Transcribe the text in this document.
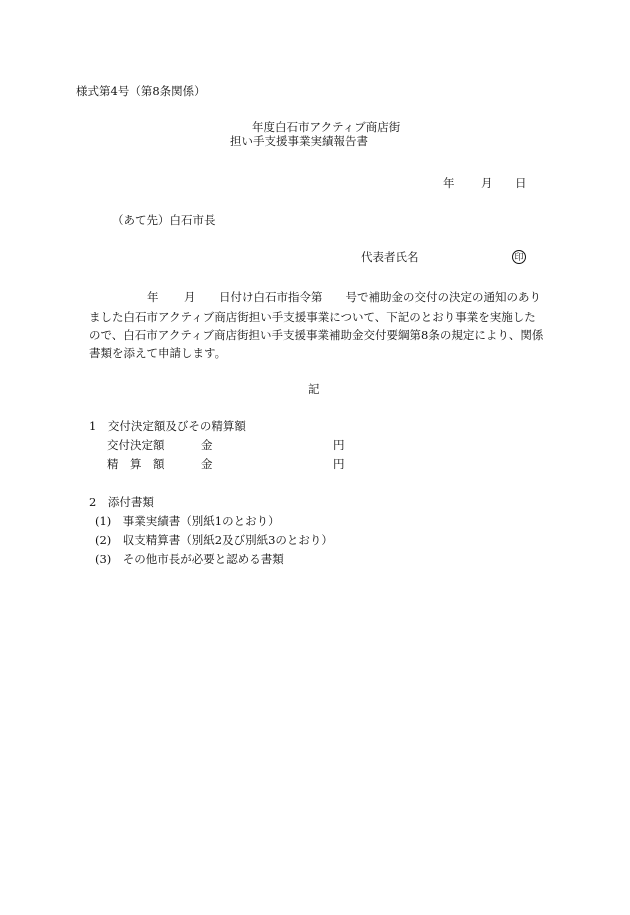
様式第4号（第8条関係）
年度白石市アクティブ商店街
担い手支援事業実績報告書
年 月 日
（あて先）白石市長
代表者氏名	印
年 月 日付け白石市指令第　　号で補助金の交付の決定の通知のあり
ました白石市アクティブ商店街担い手支援事業について、下記のとおり事業を実施した
ので、白石市アクティブ商店街担い手支援事業補助金交付要綱第8条の規定により、関係
書類を添えて申請します。
記
1　交付決定額及びその精算額
交付決定額	金	円
精　算　額	金	円
2　添付書類
(1)　事業実績書（別紙1のとおり）
(2)　収支精算書（別紙2及び別紙3のとおり）
(3)　その他市長が必要と認める書類
